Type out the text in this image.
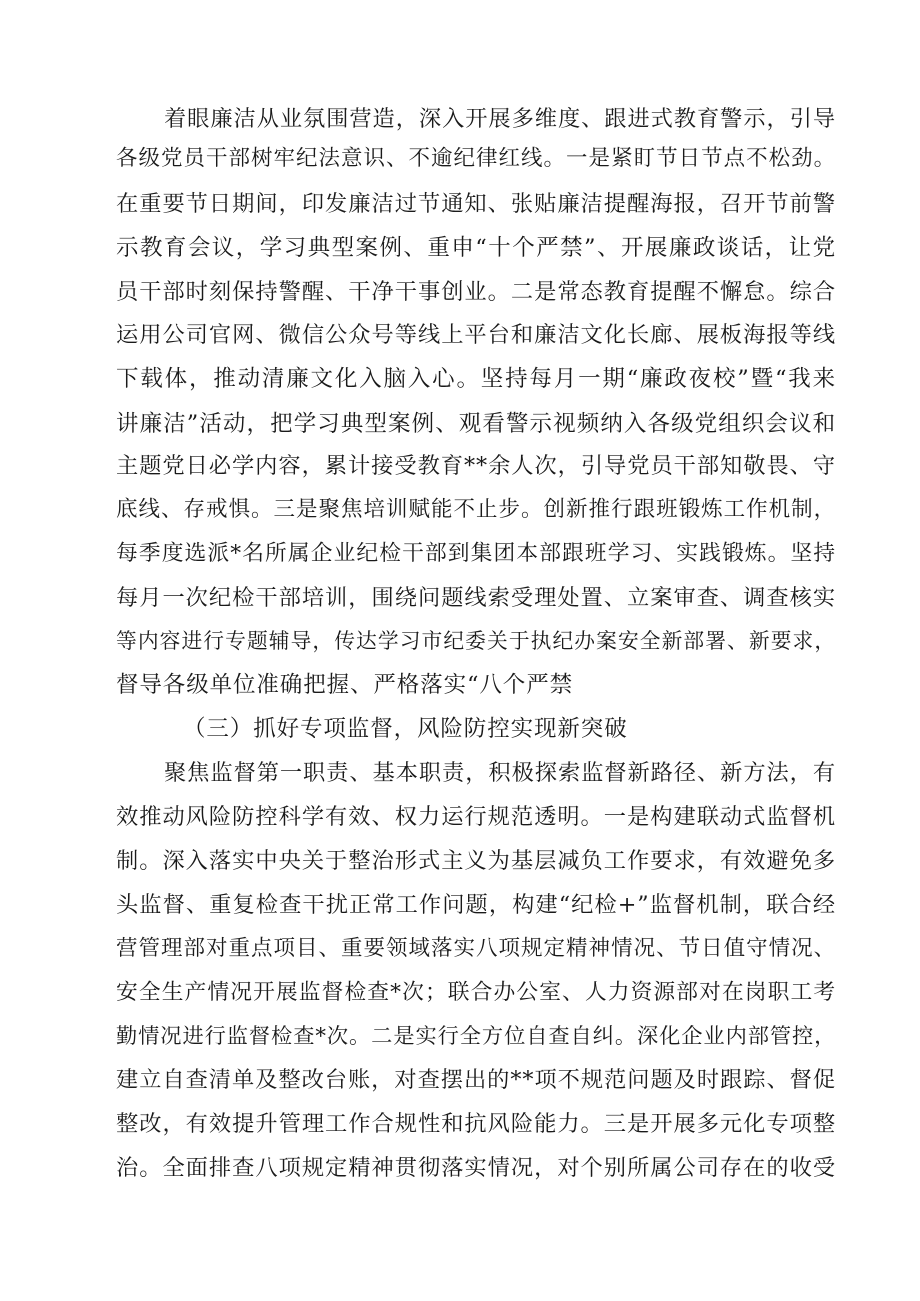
着眼廉洁从业氛围营造，深入开展多维度、跟进式教育警示，引导
各级党员干部树牢纪法意识、不逾纪律红线。一是紧盯节日节点不松劲。
在重要节日期间，印发廉洁过节通知、张贴廉洁提醒海报，召开节前警
示教育会议，学习典型案例、重申“十个严禁”、开展廉政谈话，让党
员干部时刻保持警醒、干净干事创业。二是常态教育提醒不懈怠。综合
运用公司官网、微信公众号等线上平台和廉洁文化长廊、展板海报等线
下载体，推动清廉文化入脑入心。坚持每月一期“廉政夜校”暨“我来
讲廉洁”活动，把学习典型案例、观看警示视频纳入各级党组织会议和
主题党日必学内容，累计接受教育**余人次，引导党员干部知敬畏、守
底线、存戒惧。三是聚焦培训赋能不止步。创新推行跟班锻炼工作机制，
每季度选派*名所属企业纪检干部到集团本部跟班学习、实践锻炼。坚持
每月一次纪检干部培训，围绕问题线索受理处置、立案审查、调查核实
等内容进行专题辅导，传达学习市纪委关于执纪办案安全新部署、新要求，
督导各级单位准确把握、严格落实“八个严禁
（三）抓好专项监督，风险防控实现新突破
聚焦监督第一职责、基本职责，积极探索监督新路径、新方法，有
效推动风险防控科学有效、权力运行规范透明。一是构建联动式监督机
制。深入落实中央关于整治形式主义为基层减负工作要求，有效避免多
头监督、重复检查干扰正常工作问题，构建“纪检+”监督机制，联合经
营管理部对重点项目、重要领域落实八项规定精神情况、节日值守情况、
安全生产情况开展监督检查*次；联合办公室、人力资源部对在岗职工考
勤情况进行监督检查*次。二是实行全方位自查自纠。深化企业内部管控，
建立自查清单及整改台账，对查摆出的**项不规范问题及时跟踪、督促
整改，有效提升管理工作合规性和抗风险能力。三是开展多元化专项整
治。全面排查八项规定精神贯彻落实情况，对个别所属公司存在的收受
